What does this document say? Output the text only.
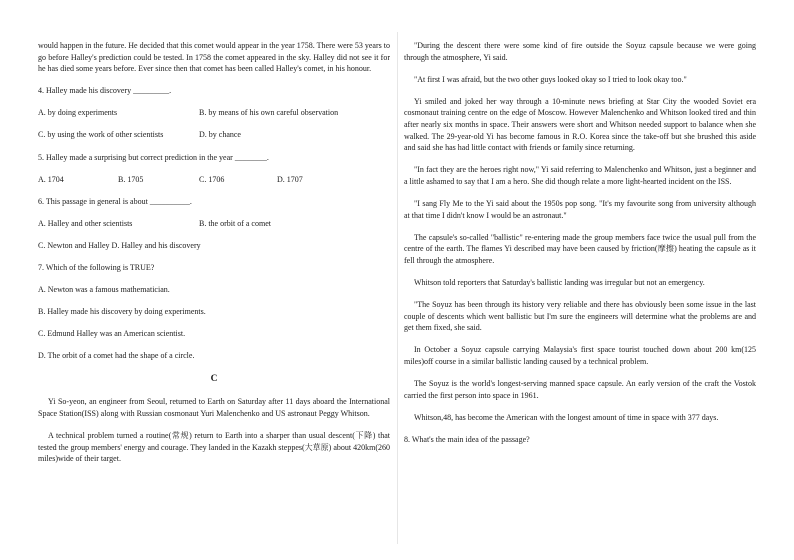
would happen in the future. He decided that this comet would appear in the year 1758. There were 53 years to go before Halley's prediction could be tested. In 1758 the comet appeared in the sky. Halley did not see it for he has died some years before. Ever since then that comet has been called Halley's comet, in his honour.

4. Halley made his discovery _________.

A. by doing experiments	B. by means of his own careful observation
C. by using the work of other scientists	D. by chance

5. Halley made a surprising but correct prediction in the year ________.

A. 1704	B. 1705	C. 1706	D. 1707

6. This passage in general is about __________.

A. Halley and other scientists	B. the orbit of a comet

C. Newton and Halley D. Halley and his discovery

7. Which of the following is TRUE?

A. Newton was a famous mathematician.

B. Halley made his discovery by doing experiments.

C. Edmund Halley was an American scientist.

D. The orbit of a comet had the shape of a circle.

C

Yi So-yeon, an engineer from Seoul, returned to Earth on Saturday after 11 days aboard the International Space Station(ISS) along with Russian cosmonaut Yuri Malenchenko and US astronaut Peggy Whitson.

A technical problem turned a routine(常规) return to Earth into a sharper than usual descent(下降) that tested the group members' energy and courage. They landed in the Kazakh steppes(大草原) about 420km(260 miles)wide of their target.

"During the descent there were some kind of fire outside the Soyuz capsule because we were going through the atmosphere, Yi said.

"At first I was afraid, but the two other guys looked okay so I tried to look okay too."

Yi smiled and joked her way through a 10-minute news briefing at Star City the wooded Soviet era cosmonaut training centre on the edge of Moscow. However Malenchenko and Whitson looked tired and thin after nearly six months in space. Their answers were short and Whitson needed support to balance when she walked. The 29-year-old Yi has become famous in R.O. Korea since the take-off but she brushed this aside and said she has had little contact with friends or family since returning.

"In fact they are the heroes right now," Yi said referring to Malenchenko and Whitson, just a beginner and a little ashamed to say that I am a hero. She did though relate a more light-hearted incident on the ISS.

"I sang Fly Me to the Yi said about the 1950s pop song. "It's my favourite song from university although at that time I didn't know I would be an astronaut."

The capsule's so-called "ballistic" re-entering made the group members face twice the usual pull from the centre of the earth. The flames Yi described may have been caused by friction(摩擦) heating the capsule as it fell through the atmosphere.

Whitson told reporters that Saturday's ballistic landing was irregular but not an emergency.

"The Soyuz has been through its history very reliable and there has obviously been some issue in the last couple of descents which went ballistic but I'm sure the engineers will determine what the problems are and get them fixed, she said.

In October a Soyuz capsule carrying Malaysia's first space tourist touched down about 200 km(125 miles)off course in a similar ballistic landing caused by a technical problem.

The Soyuz is the world's longest-serving manned space capsule. An early version of the craft the Vostok carried the first person into space in 1961.

Whitson,48, has become the American with the longest amount of time in space with 377 days.

8. What's the main idea of the passage?
